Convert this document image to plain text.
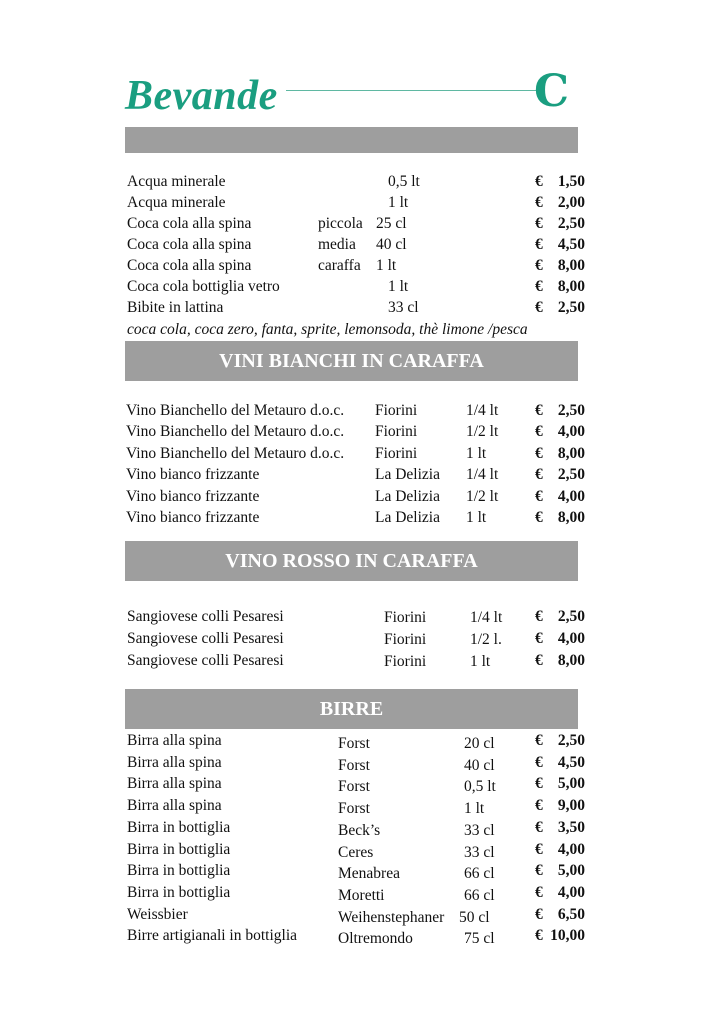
Bevande	C
VINI BIANCHI IN CARAFFA
VINO ROSSO IN CARAFFA
BIRRE
coca cola, coca zero, fanta, sprite, lemonsoda, thè limone /pesca
Acqua minerale	0,5 lt	€ 1,50
Acqua minerale	1 lt	€ 2,00
Coca cola alla spina	piccola 25 cl	€ 2,50
Coca cola alla spina	media 40 cl	€ 4,50
Coca cola alla spina	caraffa 1 lt	€ 8,00
Coca cola bottiglia vetro	1 lt	€ 8,00
Bibite in lattina	33 cl	€ 2,50
Vino Bianchello del Metauro d.o.c. Fiorini	1/4 lt € 2,50
Vino Bianchello del Metauro d.o.c. Fiorini	1/2 lt € 4,00
Vino Bianchello del Metauro d.o.c. Fiorini	1 lt	€ 8,00
Vino bianco frizzante	La Delizia 1/4 lt € 2,50
Vino bianco frizzante	La Delizia 1/2 lt € 4,00
Vino bianco frizzante	La Delizia 1 lt	€ 8,00
Sangiovese colli Pesaresi	Fiorini	1/4 lt € 2,50
Sangiovese colli Pesaresi	Fiorini	1/2 l. € 4,00
Sangiovese colli Pesaresi	Fiorini	1 lt	€ 8,00
Birra alla spina	Forst	20 cl	€ 2,50
Birra alla spina	Forst	40 cl	€ 4,50
Birra alla spina	Forst	0,5 lt	€ 5,00
Birra alla spina	Forst	1 lt	€ 9,00
Birra in bottiglia	Beck’s	33 cl	€ 3,50
Birra in bottiglia	Ceres	33 cl	€ 4,00
Birra in bottiglia	Menabrea	66 cl	€ 5,00
Birra in bottiglia	Moretti	66 cl	€ 4,00
Weissbier	Weihenstephaner 50 cl	€ 6,50
Birre artigianali in bottiglia	Oltremondo	75 cl	€ 10,00
